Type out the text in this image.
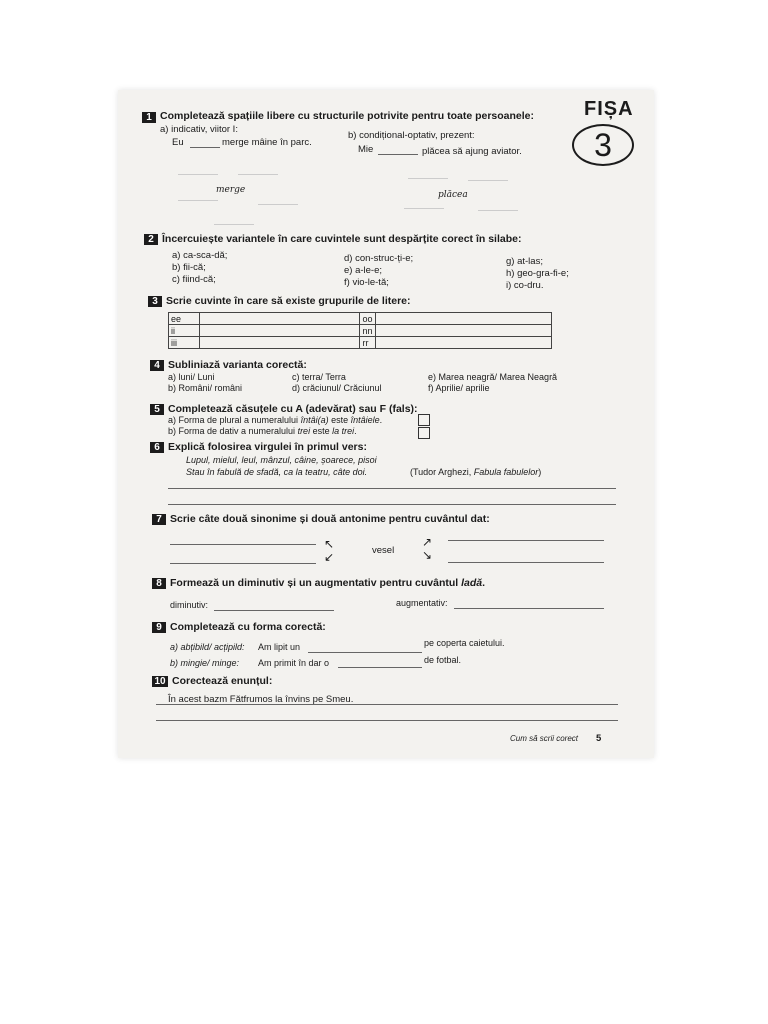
FIȘA
3
1 Completează spațiile libere cu structurile potrivite pentru toate persoanele:
a) indicativ, viitor I:
Eu	merge mâine în parc.
b) condițional-optativ, prezent:
Mie	plăcea să ajung aviator.
merge	plăcea
2 Încercuiește variantele în care cuvintele sunt despărțite corect în silabe:
a) ca-sca-dă;
b) fii-că;
c) fiind-că;
d) con-struc-ți-e;
e) a-le-e;
f) vio-le-tă;
g) at-las;
h) geo-gra-fi-e;
i) co-dru.
3 Scrie cuvinte în care să existe grupurile de litere:
ee		oo	
ii		nn	
iii		rr	
4 Subliniază varianta corectă:
a) luni/ Luni
b) Români/ români
c) terra/ Terra
d) crăciunul/ Crăciunul
e) Marea neagră/ Marea Neagră
f) Aprilie/ aprilie
5 Completează căsuțele cu A (adevărat) sau F (fals):
a) Forma de plural a numeralului întâi(a) este întâiele.
b) Forma de dativ a numeralului trei este la trei.
6 Explică folosirea virgulei în primul vers:
Lupul, mielul, leul, mânzul, câine, șoarece, pisoi
Stau în fabulă de sfadă, ca la teatru, câte doi.	(Tudor Arghezi, Fabula fabulelor)
7 Scrie câte două sinonime și două antonime pentru cuvântul dat:
↖
↙	vesel
↗
↘
8 Formează un diminutiv și un augmentativ pentru cuvântul ladă.
diminutiv:	augmentativ:
9 Completează cu forma corectă:
a) abțibild/ acțipild: Am lipit un	pe coperta caietului.
b) mingie/ minge: Am primit în dar o	de fotbal.
10 Corectează enunțul:
În acest bazm Fătfrumos la învins pe Smeu.
Cum să scrii corect 5
